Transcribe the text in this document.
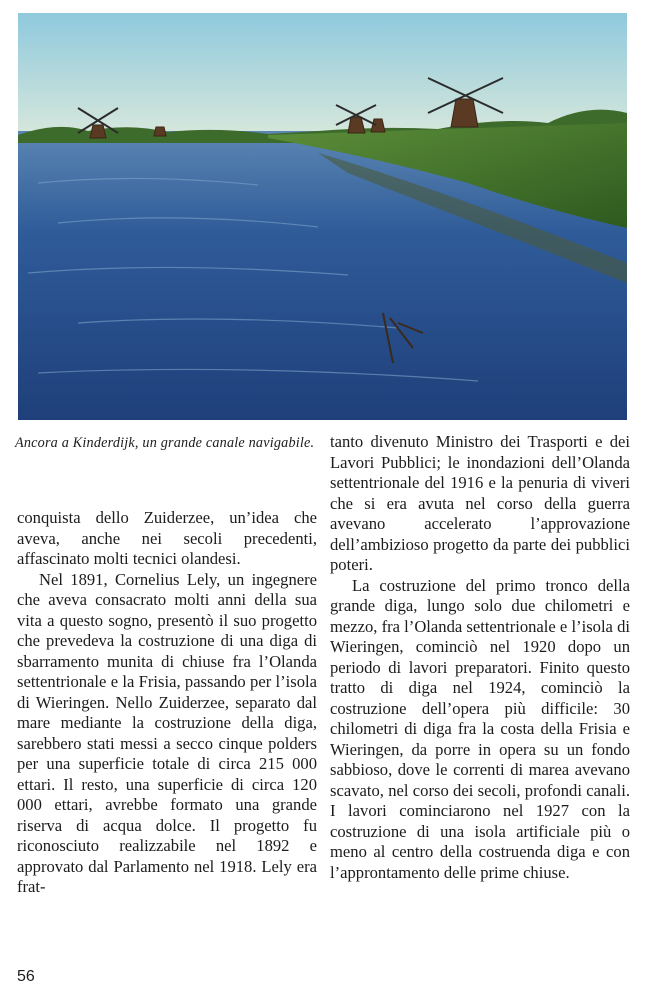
Ancora a Kinderdijk, un grande canale navigabile.

conquista dello Zuiderzee, un’idea che aveva, anche nei secoli precedenti, affascinato molti tecnici olandesi.

Nel 1891, Cornelius Lely, un ingegnere che aveva consacrato molti anni della sua vita a questo sogno, presentò il suo progetto che prevedeva la costruzione di una diga di sbarramento munita di chiuse fra l’Olanda settentrionale e la Frisia, passando per l’isola di Wieringen. Nello Zuiderzee, separato dal mare mediante la costruzione della diga, sarebbero stati messi a secco cinque polders per una superficie totale di circa 215 000 ettari. Il resto, una superficie di circa 120 000 ettari, avrebbe formato una grande riserva di acqua dolce. Il progetto fu riconosciuto realizzabile nel 1892 e approvato dal Parlamento nel 1918. Lely era frat-

tanto divenuto Ministro dei Trasporti e dei Lavori Pubblici; le inondazioni dell’Olanda settentrionale del 1916 e la penuria di viveri che si era avuta nel corso della guerra avevano accelerato l’approvazione dell’ambizioso progetto da parte dei pubblici poteri.

La costruzione del primo tronco della grande diga, lungo solo due chilometri e mezzo, fra l’Olanda settentrionale e l’isola di Wieringen, cominciò nel 1920 dopo un periodo di lavori preparatori. Finito questo tratto di diga nel 1924, cominciò la costruzione dell’opera più difficile: 30 chilometri di diga fra la costa della Frisia e Wieringen, da porre in opera su un fondo sabbioso, dove le correnti di marea avevano scavato, nel corso dei secoli, profondi canali. I lavori cominciarono nel 1927 con la costruzione di una isola artificiale più o meno al centro della costruenda diga e con l’approntamento delle prime chiuse.

56
